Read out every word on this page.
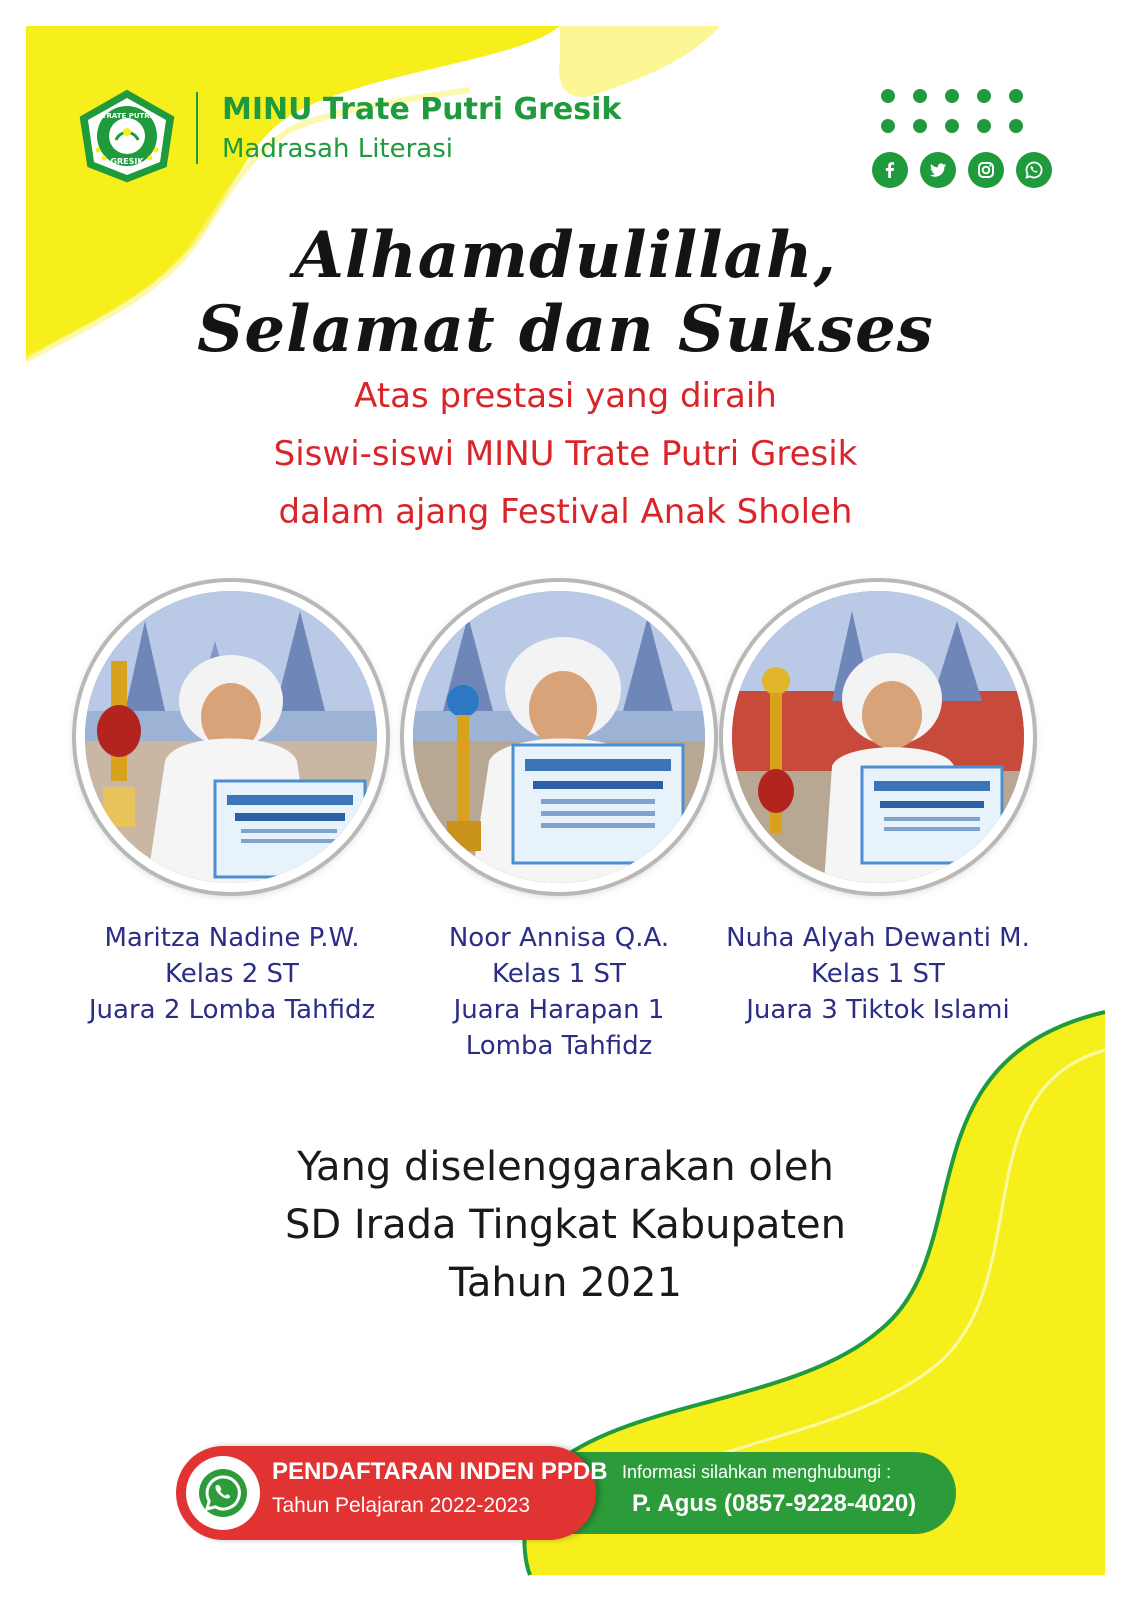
TRATE PUTRI
GRESIK
MINU Trate Putri Gresik
Madrasah Literasi
Alhamdulillah,
Selamat dan Sukses
Atas prestasi yang diraih
Siswi-siswi MINU Trate Putri Gresik
dalam ajang Festival Anak Sholeh
Maritza Nadine P.W.
Kelas 2 ST
Juara 2 Lomba Tahfidz
Noor Annisa Q.A.
Kelas 1 ST
Juara Harapan 1
Lomba Tahfidz
Nuha Alyah Dewanti M.
Kelas 1 ST
Juara 3 Tiktok Islami
Yang diselenggarakan oleh
SD Irada Tingkat Kabupaten
Tahun 2021
PENDAFTARAN INDEN PPDB
Tahun Pelajaran 2022-2023
Informasi silahkan menghubungi :
P. Agus (0857-9228-4020)
